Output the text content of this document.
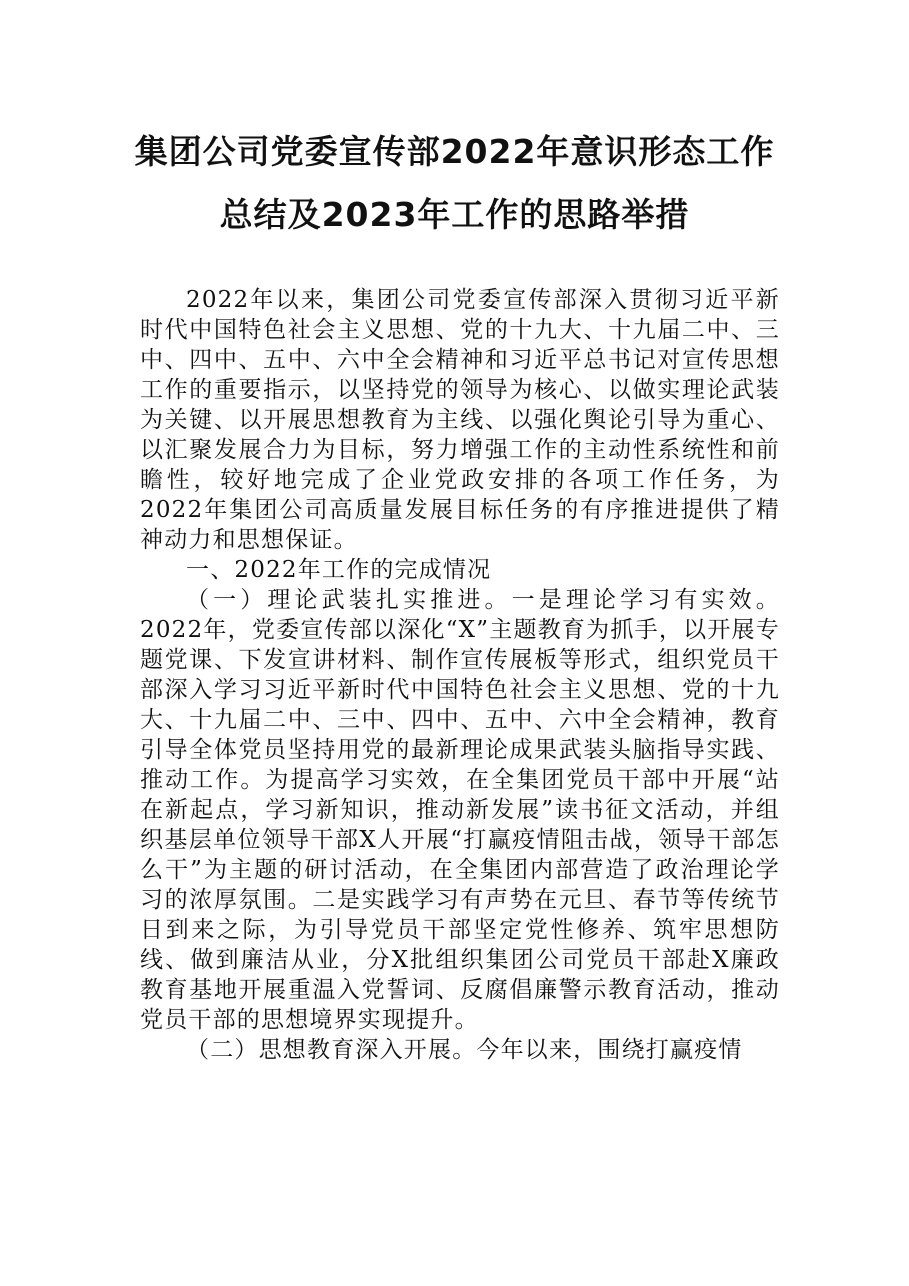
集团公司党委宣传部2022年意识形态工作
总结及2023年工作的思路举措

2022年以来，集团公司党委宣传部深入贯彻习近平新时代中国特色社会主义思想、党的十九大、十九届二中、三中、四中、五中、六中全会精神和习近平总书记对宣传思想工作的重要指示，以坚持党的领导为核心、以做实理论武装为关键、以开展思想教育为主线、以强化舆论引导为重心、以汇聚发展合力为目标，努力增强工作的主动性系统性和前瞻性，较好地完成了企业党政安排的各项工作任务，为2022年集团公司高质量发展目标任务的有序推进提供了精神动力和思想保证。

一、2022年工作的完成情况

（一）理论武装扎实推进。一是理论学习有实效。2022年，党委宣传部以深化“X”主题教育为抓手，以开展专题党课、下发宣讲材料、制作宣传展板等形式，组织党员干部深入学习习近平新时代中国特色社会主义思想、党的十九大、十九届二中、三中、四中、五中、六中全会精神，教育引导全体党员坚持用党的最新理论成果武装头脑指导实践、推动工作。为提高学习实效，在全集团党员干部中开展“站在新起点，学习新知识，推动新发展”读书征文活动，并组织基层单位领导干部X人开展“打赢疫情阻击战，领导干部怎么干”为主题的研讨活动，在全集团内部营造了政治理论学习的浓厚氛围。二是实践学习有声势在元旦、春节等传统节日到来之际，为引导党员干部坚定党性修养、筑牢思想防线、做到廉洁从业，分X批组织集团公司党员干部赴X廉政教育基地开展重温入党誓词、反腐倡廉警示教育活动，推动党员干部的思想境界实现提升。

（二）思想教育深入开展。今年以来，围绕打赢疫情
